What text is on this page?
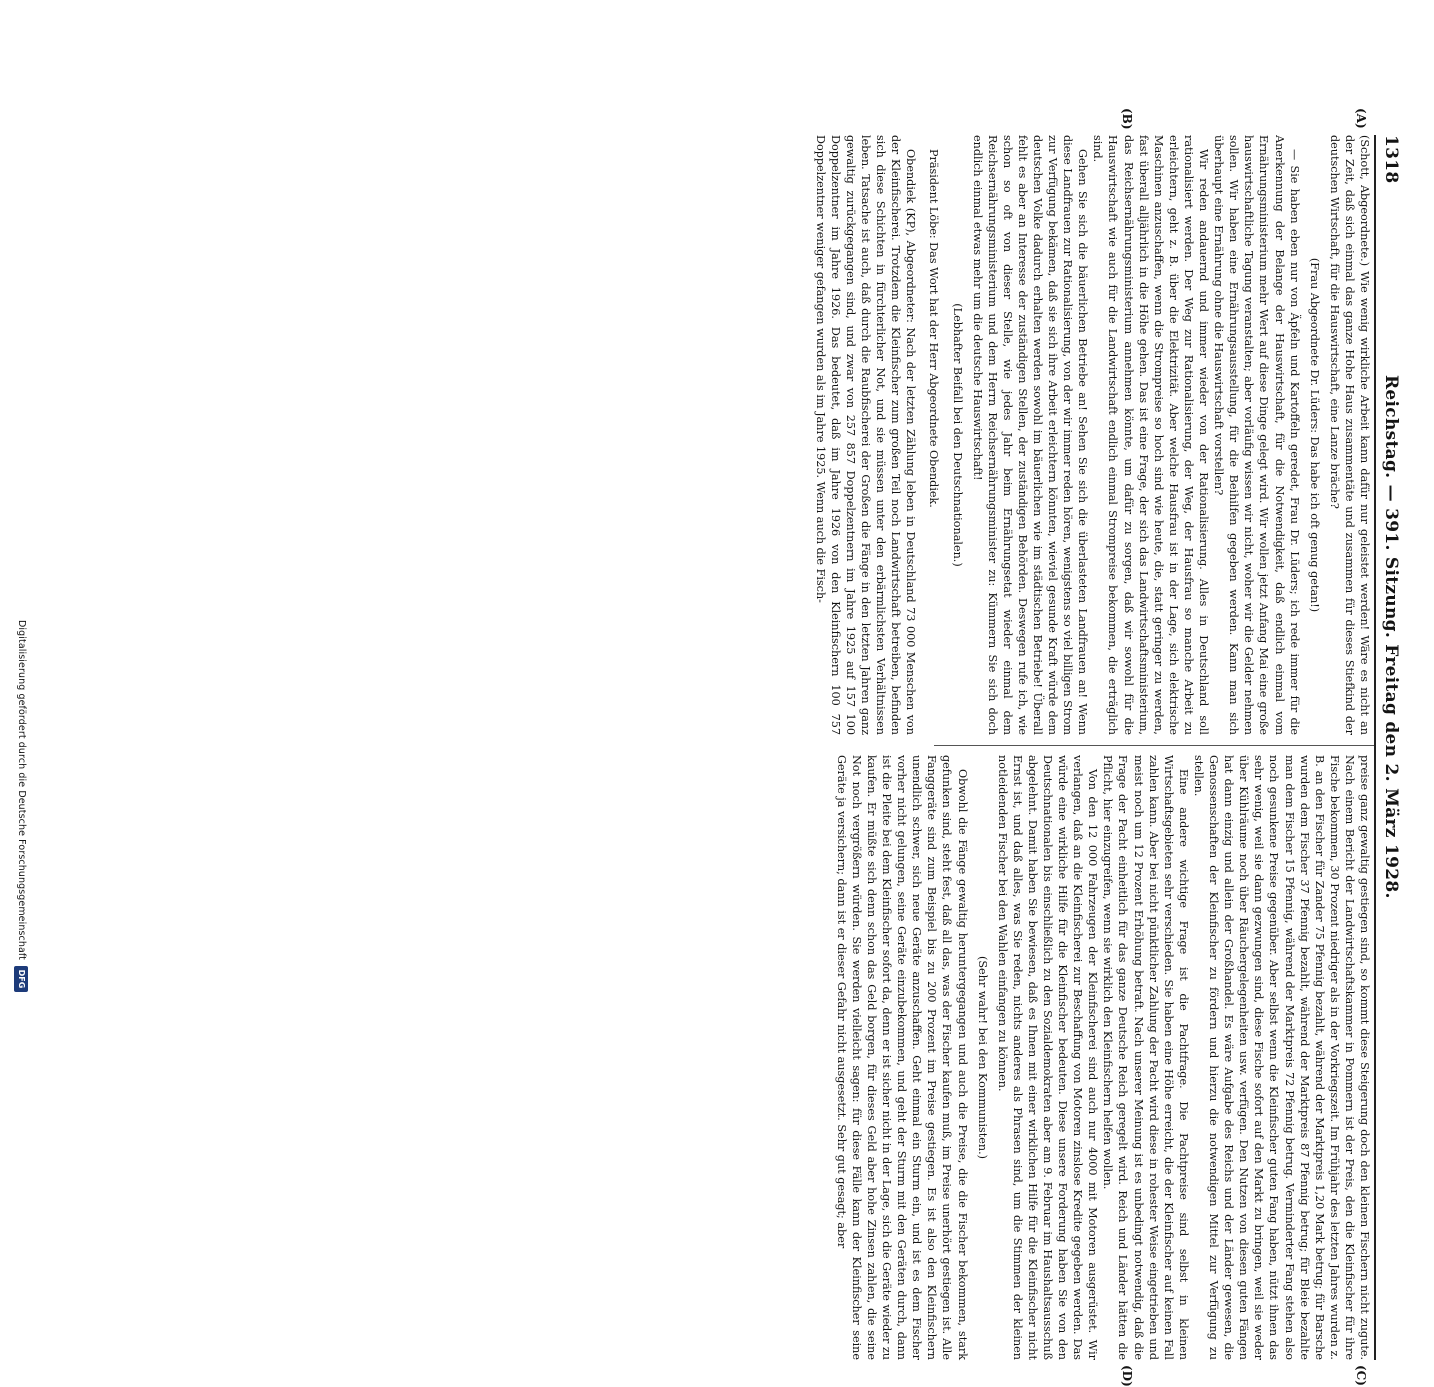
1318
Reichstag. — 391. Sitzung. Freitag den 2. März 1928.
(A)
(B)
(C)
(D)

(Schott, Abgeordnete.) Wie wenig wirkliche Arbeit kann dafür nur geleistet werden! Wäre es nicht an der Zeit, daß sich einmal das ganze Hohe Haus zusammentäte und zusammen für dieses Stiefkind der deutschen Wirtschaft, für die Hauswirtschaft, eine Lanze bräche?

(Frau Abgeordnete Dr. Lüders: Das habe ich oft genug getan!)

— Sie haben eben nur von Äpfeln und Kartoffeln geredet, Frau Dr. Lüders; ich rede immer für die Anerkennung der Belange der Hauswirtschaft, für die Notwendigkeit, daß endlich einmal vom Ernährungsministerium mehr Wert auf diese Dinge gelegt wird. Wir wollen jetzt Anfang Mai eine große hauswirtschaftliche Tagung veranstalten; aber vorläufig wissen wir nicht, woher wir die Gelder nehmen sollen. Wir haben eine Ernährungsausstellung, für die Beihilfen gegeben werden. Kann man sich überhaupt eine Ernährung ohne die Hauswirtschaft vorstellen?

Wir reden andauernd und immer wieder von der Rationalisierung. Alles in Deutschland soll rationalisiert werden. Der Weg zur Rationalisierung, der Weg, der Hausfrau so manche Arbeit zu erleichtern, geht z. B. über die Elektrizität. Aber welche Hausfrau ist in der Lage, sich elektrische Maschinen anzuschaffen, wenn die Strompreise so hoch sind wie heute, die, statt geringer zu werden, fast überall alljährlich in die Höhe gehen. Das ist eine Frage, der sich das Landwirtschaftsministerium, das Reichsernährungsministerium annehmen könnte, um dafür zu sorgen, daß wir sowohl für die Hauswirtschaft wie auch für die Landwirtschaft endlich einmal Strompreise bekommen, die erträglich sind.

Gehen Sie sich die bäuerlichen Betriebe an! Sehen Sie sich die überlasteten Landfrauen an! Wenn diese Landfrauen zur Rationalisierung, von der wir immer reden hören, wenigstens so viel billigen Strom zur Verfügung bekämen, daß sie sich ihre Arbeit erleichtern könnten, wieviel gesunde Kraft würde dem deutschen Volke dadurch erhalten werden sowohl im bäuerlichen wie im städtischen Betriebe! Überall fehlt es aber an Interesse der zuständigen Stellen, der zuständigen Behörden. Deswegen rufe ich, wie schon so oft von dieser Stelle, wie jedes Jahr beim Ernährungsetat wieder einmal dem Reichsernährungsministerium und dem Herrn Reichsernährungsminister zu: Kümmern Sie sich doch endlich einmal etwas mehr um die deutsche Hauswirtschaft!

(Lebhafter Beifall bei den Deutschnationalen.)

Präsident Löbe: Das Wort hat der Herr Abgeordnete Obendiek.

Obendiek (KP), Abgeordneter: Nach der letzten Zählung leben in Deutschland 73 000 Menschen von der Kleinfischerei. Trotzdem die Kleinfischer zum großen Teil noch Landwirtschaft betreiben, befinden sich diese Schichten in fürchterlicher Not, und sie müssen unter den erbärmlichsten Verhältnissen leben. Tatsache ist auch, daß durch die Raubfischerei der Großen die Fänge in den letzten Jahren ganz gewaltig zurückgegangen sind, und zwar von 257 857 Doppelzentnern im Jahre 1925 auf 157 100 Doppelzentner im Jahre 1926. Das bedeutet, daß im Jahre 1926 von den Kleinfischern 100 757 Doppelzentner weniger gefangen wurden als im Jahre 1925. Wenn auch die Fisch-

preise ganz gewaltig gestiegen sind, so kommt diese Steigerung doch den kleinen Fischern nicht zugute. Nach einem Bericht der Landwirtschaftskammer in Pommern ist der Preis, den die Kleinfischer für ihre Fische bekommen, 30 Prozent niedriger als in der Vorkriegszeit. Im Frühjahr des letzten Jahres wurden z. B. an den Fischer für Zander 75 Pfennig bezahlt, während der Marktpreis 1,20 Mark betrug; für Barsche wurden dem Fischer 37 Pfennig bezahlt, während der Marktpreis 87 Pfennig betrug; für Bleie bezahlte man dem Fischer 15 Pfennig, während der Marktpreis 72 Pfennig betrug. Verminderter Fang stehen also noch gesunkene Preise gegenüber. Aber selbst wenn die Kleinfischer guten Fang haben, nützt ihnen das sehr wenig, weil sie dann gezwungen sind, diese Fische sofort auf den Markt zu bringen, weil sie weder über Kühlräume noch über Räuchergelegenheiten usw. verfügen. Den Nutzen von diesen guten Fängen hat dann einzig und allein der Großhandel. Es wäre Aufgabe des Reichs und der Länder gewesen, die Genossenschaften der Kleinfischer zu fördern und hierzu die notwendigen Mittel zur Verfügung zu stellen.

Eine andere wichtige Frage ist die Pachtfrage. Die Pachtpreise sind selbst in kleinen Wirtschaftsgebieten sehr verschieden. Sie haben eine Höhe erreicht, die der Kleinfischer auf keinen Fall zahlen kann. Aber bei nicht pünktlicher Zahlung der Pacht wird diese in rohester Weise eingetrieben und meist noch um 12 Prozent Erhöhung betraft. Nach unserer Meinung ist es unbedingt notwendig, daß die Frage der Pacht einheitlich für das ganze Deutsche Reich geregelt wird. Reich und Länder hätten die Pflicht, hier einzugreifen, wenn sie wirklich den Kleinfischern helfen wollen.

Von den 12 000 Fahrzeugen der Kleinfischerei sind auch nur 4000 mit Motoren ausgerüstet. Wir verlangen, daß an die Kleinfischerei zur Beschaffung von Motoren zinslose Kredite gegeben werden. Das würde eine wirkliche Hilfe für die Kleinfischer bedeuten. Diese unsere Forderung haben Sie von den Deutschnationalen bis einschließlich zu den Sozialdemokraten aber am 9. Februar im Haushaltsausschuß abgelehnt. Damit haben Sie bewiesen, daß es Ihnen mit einer wirklichen Hilfe für die Kleinfischer nicht Ernst ist, und daß alles, was Sie reden, nichts anderes als Phrasen sind, um die Stimmen der kleinen notleidenden Fischer bei den Wahlen einfangen zu können.

(Sehr wahr! bei den Kommunisten.)

Obwohl die Fänge gewaltig heruntergegangen und auch die Preise, die die Fischer bekommen, stark gefunken sind, steht fest, daß all das, was der Fischer kaufen muß, im Preise unerhört gestiegen ist. Alle Fanggeräte sind zum Beispiel bis zu 200 Prozent im Preise gestiegen. Es ist also den Kleinfischern unendlich schwer, sich neue Geräte anzuschaffen. Geht einmal ein Sturm ein, und ist es dem Fischer vorher nicht gelungen, seine Geräte einzubekommen, und geht der Sturm mit den Geräten durch, dann ist die Pleite bei dem Kleinfischer sofort da, denn er ist sicher nicht in der Lage, sich die Geräte wieder zu kaufen. Er müßte sich denn schon das Geld borgen, für dieses Geld aber hohe Zinsen zahlen, die seine Not noch vergrößern würden. Sie werden vielleicht sagen: für diese Fälle kann der Kleinfischer seine Geräte ja versichern; dann ist er dieser Gefahr nicht ausgesetzt. Sehr gut gesagt; aber

Digitalisierung gefördert durch die Deutsche Forschungsgemeinschaft
DFG
